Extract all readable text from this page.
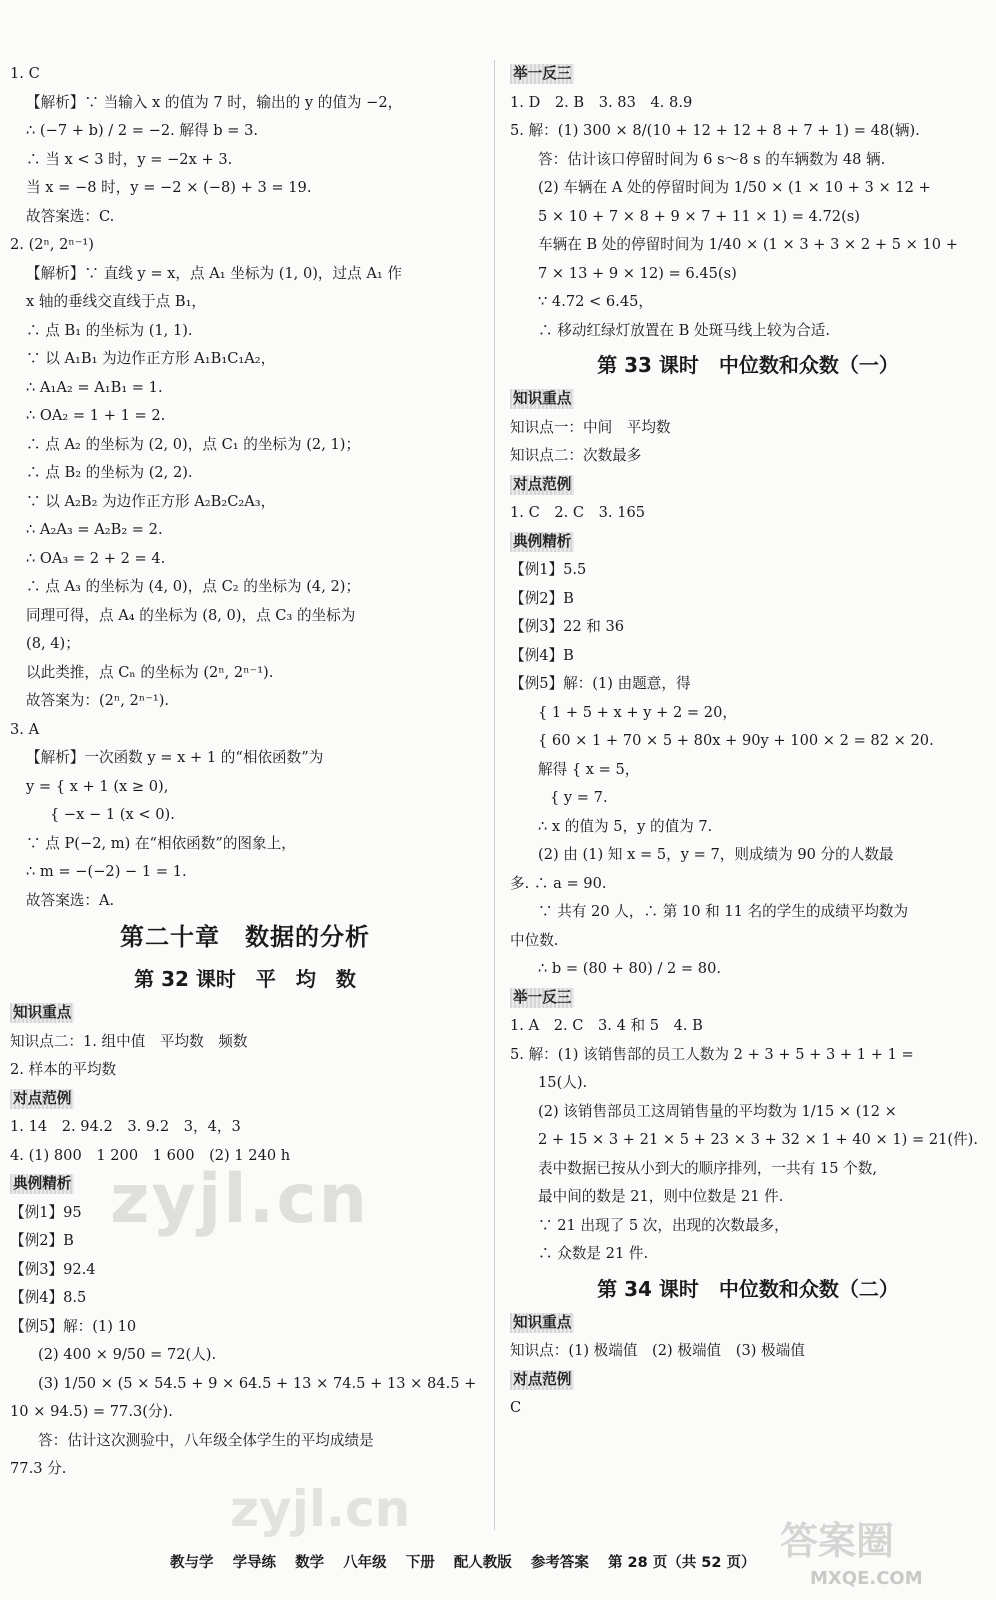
1. C
【解析】∵ 当输入 x 的值为 7 时，输出的 y 的值为 −2，
∴ (−7 + b) / 2 = −2. 解得 b = 3.
∴ 当 x < 3 时，y = −2x + 3.
当 x = −8 时，y = −2 × (−8) + 3 = 19.
故答案选：C.
2. (2ⁿ, 2ⁿ⁻¹)
【解析】∵ 直线 y = x，点 A₁ 坐标为 (1, 0)，过点 A₁ 作
x 轴的垂线交直线于点 B₁，
∴ 点 B₁ 的坐标为 (1, 1).
∵ 以 A₁B₁ 为边作正方形 A₁B₁C₁A₂，
∴ A₁A₂ = A₁B₁ = 1.
∴ OA₂ = 1 + 1 = 2.
∴ 点 A₂ 的坐标为 (2, 0)，点 C₁ 的坐标为 (2, 1)；
∴ 点 B₂ 的坐标为 (2, 2).
∵ 以 A₂B₂ 为边作正方形 A₂B₂C₂A₃，
∴ A₂A₃ = A₂B₂ = 2.
∴ OA₃ = 2 + 2 = 4.
∴ 点 A₃ 的坐标为 (4, 0)，点 C₂ 的坐标为 (4, 2)；
同理可得，点 A₄ 的坐标为 (8, 0)，点 C₃ 的坐标为
(8, 4)；
以此类推，点 Cₙ 的坐标为 (2ⁿ, 2ⁿ⁻¹).
故答案为：(2ⁿ, 2ⁿ⁻¹).
3. A
【解析】一次函数 y = x + 1 的“相依函数”为
y = { x + 1 (x ≥ 0),
{ −x − 1 (x < 0).
∵ 点 P(−2, m) 在“相依函数”的图象上，
∴ m = −(−2) − 1 = 1.
故答案选：A.
第二十章　数据的分析
第 32 课时　平　均　数
知识重点
知识点二：1. 组中值　平均数　频数
2. 样本的平均数
对点范例
1. 14　2. 94.2　3. 9.2　3，4，3
4. (1) 800　1 200　1 600　(2) 1 240 h
典例精析
【例1】95
【例2】B
【例3】92.4
【例4】8.5
【例5】解：(1) 10
(2) 400 × 9/50 = 72(人).
(3) 1/50 × (5 × 54.5 + 9 × 64.5 + 13 × 74.5 + 13 × 84.5 +
10 × 94.5) = 77.3(分).
答：估计这次测验中，八年级全体学生的平均成绩是
77.3 分.
举一反三
1. D　2. B　3. 83　4. 8.9
5. 解：(1) 300 × 8/(10 + 12 + 12 + 8 + 7 + 1) = 48(辆).
答：估计该口停留时间为 6 s～8 s 的车辆数为 48 辆.
(2) 车辆在 A 处的停留时间为 1/50 × (1 × 10 + 3 × 12 +
5 × 10 + 7 × 8 + 9 × 7 + 11 × 1) = 4.72(s)
车辆在 B 处的停留时间为 1/40 × (1 × 3 + 3 × 2 + 5 × 10 +
7 × 13 + 9 × 12) = 6.45(s)
∵ 4.72 < 6.45，
∴ 移动红绿灯放置在 B 处斑马线上较为合适.
第 33 课时　中位数和众数（一）
知识重点
知识点一：中间　平均数
知识点二：次数最多
对点范例
1. C　2. C　3. 165
典例精析
【例1】5.5
【例2】B
【例3】22 和 36
【例4】B
【例5】解：(1) 由题意，得
{ 1 + 5 + x + y + 2 = 20，
{ 60 × 1 + 70 × 5 + 80x + 90y + 100 × 2 = 82 × 20.
解得 { x = 5，
{ y = 7.
∴ x 的值为 5，y 的值为 7.
(2) 由 (1) 知 x = 5，y = 7，则成绩为 90 分的人数最
多. ∴ a = 90.
∵ 共有 20 人，∴ 第 10 和 11 名的学生的成绩平均数为
中位数.
∴ b = (80 + 80) / 2 = 80.
举一反三
1. A　2. C　3. 4 和 5　4. B
5. 解：(1) 该销售部的员工人数为 2 + 3 + 5 + 3 + 1 + 1 =
15(人).
(2) 该销售部员工这周销售量的平均数为 1/15 × (12 ×
2 + 15 × 3 + 21 × 5 + 23 × 3 + 32 × 1 + 40 × 1) = 21(件).
表中数据已按从小到大的顺序排列，一共有 15 个数,
最中间的数是 21，则中位数是 21 件.
∵ 21 出现了 5 次，出现的次数最多，
∴ 众数是 21 件.
第 34 课时　中位数和众数（二）
知识重点
知识点：(1) 极端值　(2) 极端值　(3) 极端值
对点范例
C
zyjl.cn
zyjl.cn
答案圈
MXQE.COM
教与学 学导练 数学 八年级 下册 配人教版 参考答案 第 28 页（共 52 页）
